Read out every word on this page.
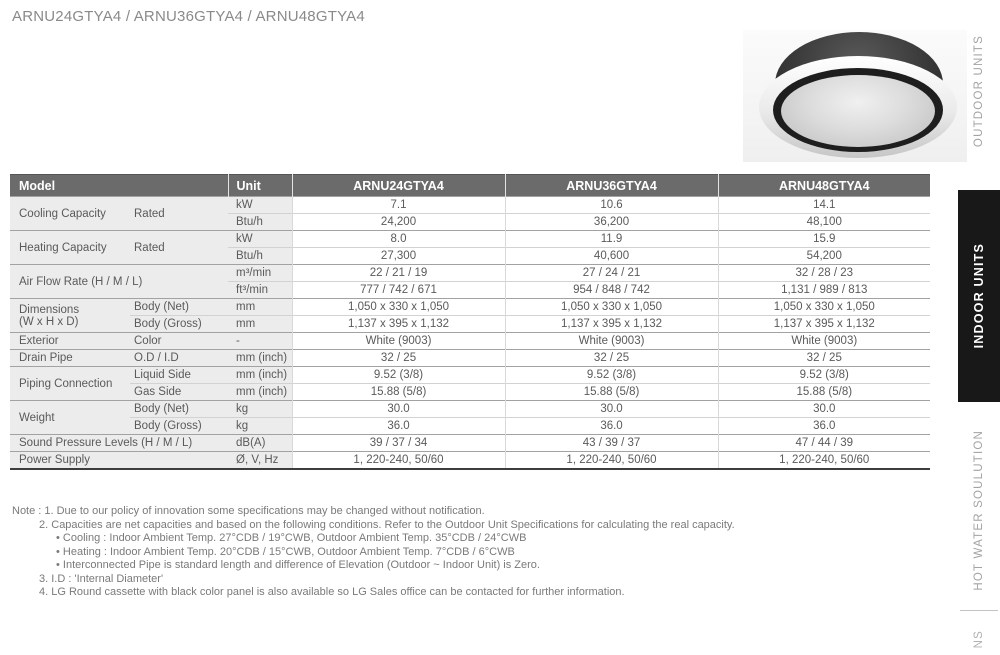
ARNU24GTYA4 / ARNU36GTYA4 / ARNU48GTYA4
OUTDOOR UNITS
INDOOR UNITS
HOT WATER SOULUTION
NS
Model		Unit	ARNU24GTYA4	ARNU36GTYA4	ARNU48GTYA4
Cooling Capacity	Rated	kW	7.1	10.6	14.1
		Btu/h	24,200	36,200	48,100
Heating Capacity	Rated	kW	8.0	11.9	15.9
		Btu/h	27,300	40,600	54,200
Air Flow Rate (H / M / L)		m³/min	22 / 21 / 19	27 / 24 / 21	32 / 28 / 23
		ft³/min	777 / 742 / 671	954 / 848 / 742	1,131 / 989 / 813

Dimensions
(W x H x D)	Body (Net)	mm	1,050 x 330 x 1,050	1,050 x 330 x 1,050	1,050 x 330 x 1,050
	Body (Gross)	mm	1,137 x 395 x 1,132	1,137 x 395 x 1,132	1,137 x 395 x 1,132
Exterior	Color	-	White (9003)	White (9003)	White (9003)
Drain Pipe	O.D / I.D	mm (inch)	32 / 25	32 / 25	32 / 25
Piping Connection	Liquid Side	mm (inch)	9.52 (3/8)	9.52 (3/8)	9.52 (3/8)
	Gas Side	mm (inch)	15.88 (5/8)	15.88 (5/8)	15.88 (5/8)
Weight	Body (Net)	kg	30.0	30.0	30.0
	Body (Gross)	kg	36.0	36.0	36.0
Sound Pressure Levels (H / M / L)		dB(A)	39 / 37 / 34	43 / 39 / 37	47 / 44 / 39
Power Supply		Ø, V, Hz	1, 220-240, 50/60	1, 220-240, 50/60	1, 220-240, 50/60
Note : 1. Due to our policy of innovation some specifications may be changed without notification.
2. Capacities are net capacities and based on the following conditions. Refer to the Outdoor Unit Specifications for calculating the real capacity.
• Cooling : Indoor Ambient Temp. 27°CDB / 19°CWB, Outdoor Ambient Temp. 35°CDB / 24°CWB
• Heating : Indoor Ambient Temp. 20°CDB / 15°CWB, Outdoor Ambient Temp. 7°CDB / 6°CWB
• Interconnected Pipe is standard length and difference of Elevation (Outdoor ~ Indoor Unit) is Zero.
3. I.D : 'Internal Diameter'
4. LG Round cassette with black color panel is also available so LG Sales office can be contacted for further information.
